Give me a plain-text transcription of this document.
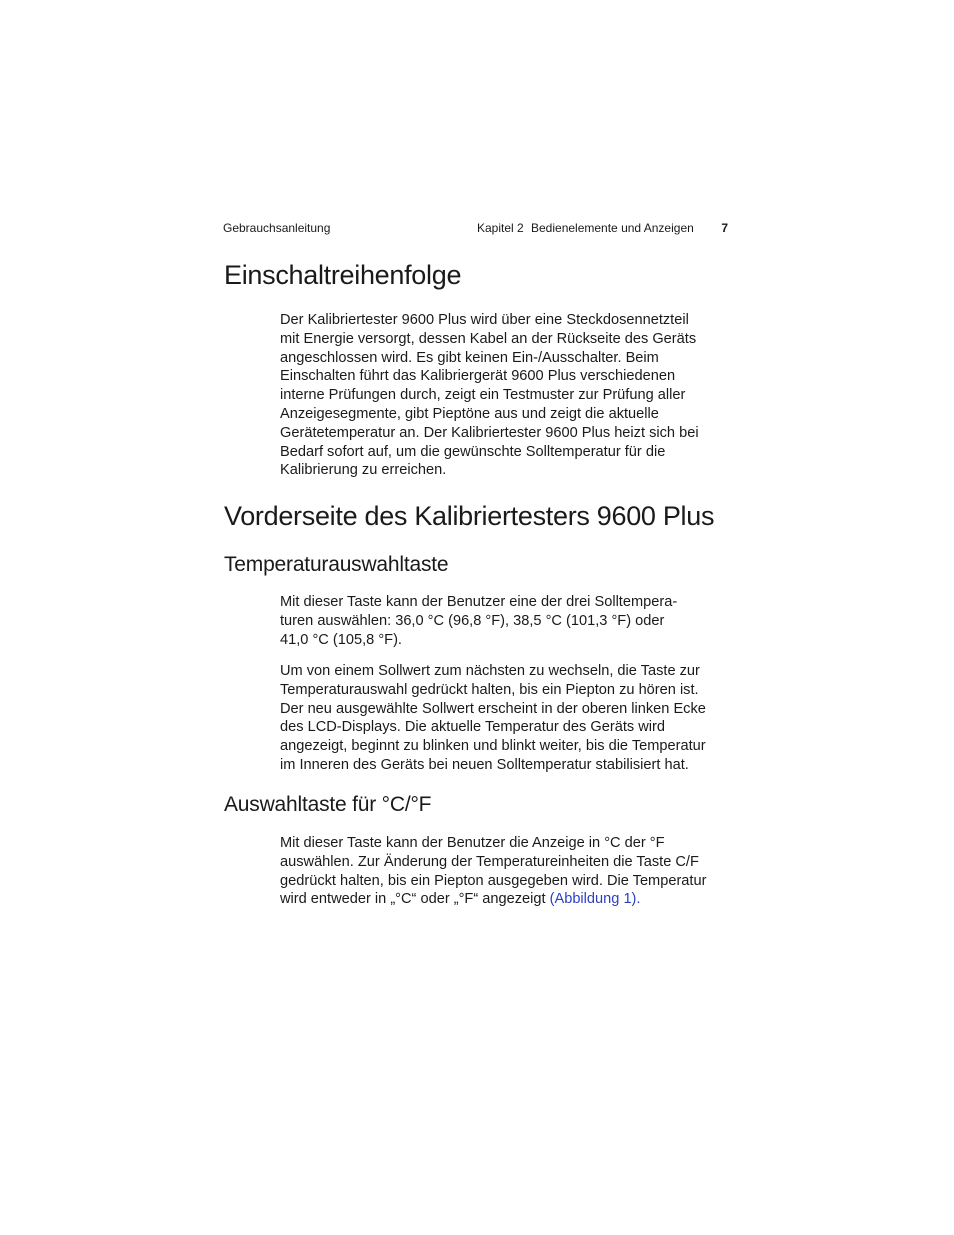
Gebrauchsanleitung	Kapitel 2 Bedienelemente und Anzeigen 7
Einschaltreihenfolge

Der Kalibriertester 9600 Plus wird über eine Steckdosennetzteil
mit Energie versorgt, dessen Kabel an der Rückseite des Geräts
angeschlossen wird. Es gibt keinen Ein-/Ausschalter. Beim
Einschalten führt das Kalibriergerät 9600 Plus verschiedenen
interne Prüfungen durch, zeigt ein Testmuster zur Prüfung aller
Anzeigesegmente, gibt Pieptöne aus und zeigt die aktuelle
Gerätetemperatur an. Der Kalibriertester 9600 Plus heizt sich bei
Bedarf sofort auf, um die gewünschte Solltemperatur für die
Kalibrierung zu erreichen.

Vorderseite des Kalibriertesters 9600 Plus
Temperaturauswahltaste

Mit dieser Taste kann der Benutzer eine der drei Solltempera-
turen auswählen: 36,0 °C (96,8 °F), 38,5 °C (101,3 °F) oder
41,0 °C (105,8 °F).

Um von einem Sollwert zum nächsten zu wechseln, die Taste zur
Temperaturauswahl gedrückt halten, bis ein Piepton zu hören ist.
Der neu ausgewählte Sollwert erscheint in der oberen linken Ecke
des LCD-Displays. Die aktuelle Temperatur des Geräts wird
angezeigt, beginnt zu blinken und blinkt weiter, bis die Temperatur
im Inneren des Geräts bei neuen Solltemperatur stabilisiert hat.

Auswahltaste für °C/°F

Mit dieser Taste kann der Benutzer die Anzeige in °C der °F
auswählen. Zur Änderung der Temperatureinheiten die Taste C/F
gedrückt halten, bis ein Piepton ausgegeben wird. Die Temperatur
wird entweder in „°C“ oder „°F“ angezeigt (Abbildung 1).
